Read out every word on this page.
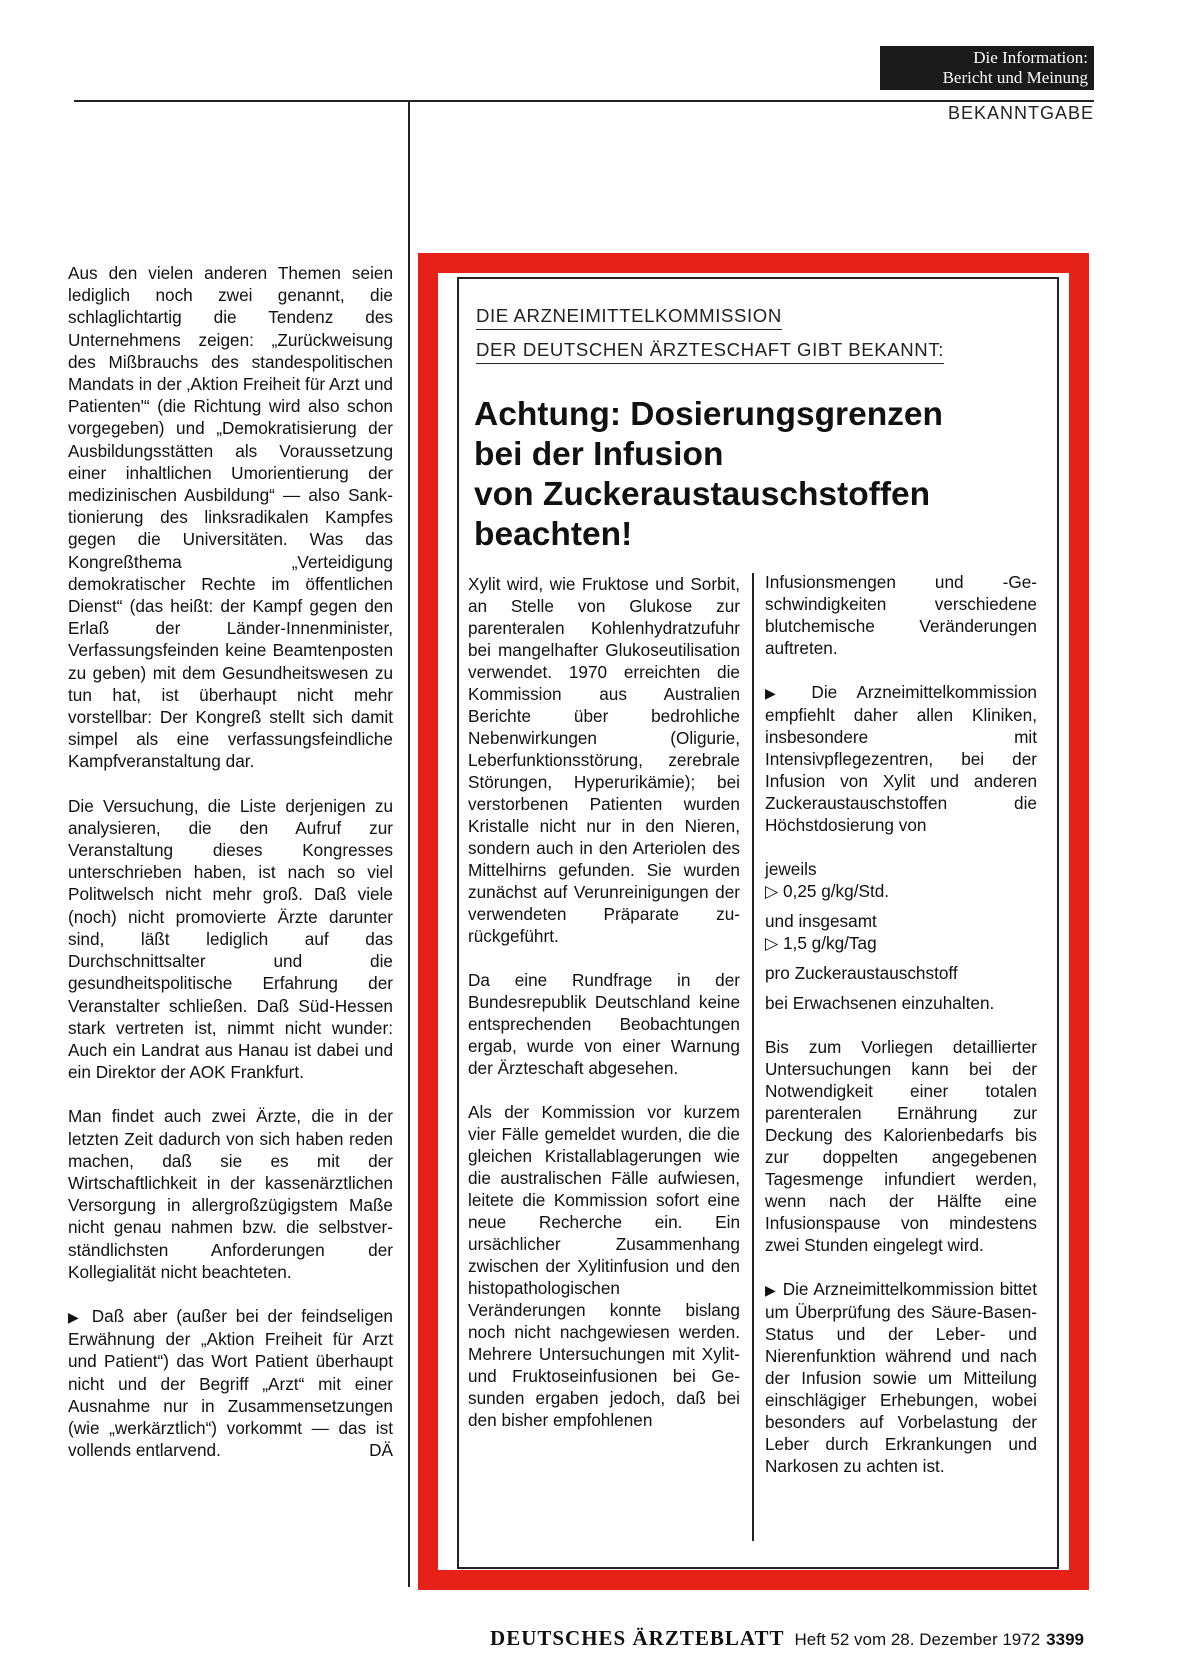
Die Information:
Bericht und Meinung
BEKANNTGABE

Aus den vielen anderen Themen seien lediglich noch zwei genannt, die schlaglichtartig die Tendenz des Unternehmens zeigen: „Zurückweisung des Mißbrauchs des standespolitischen Mandats in der ‚Aktion Freiheit für Arzt und Patienten'“ (die Richtung wird also schon vorgegeben) und „Demokratisierung der Ausbildungsstätten als Voraussetzung einer inhaltlichen Umorientierung der medizinischen Ausbildung“ — also Sanktionierung des linksradikalen Kampfes gegen die Universitäten. Was das Kongreßthema „Verteidigung demokratischer Rechte im öffentlichen Dienst“ (das heißt: der Kampf gegen den Erlaß der Länder-Innenminister, Verfassungsfeinden keine Beamtenposten zu geben) mit dem Gesundheitswesen zu tun hat, ist überhaupt nicht mehr vorstellbar: Der Kongreß stellt sich damit simpel als eine verfassungsfeindliche Kampfveranstaltung dar.

Die Versuchung, die Liste derjenigen zu analysieren, die den Aufruf zur Veranstaltung dieses Kongresses unterschrieben haben, ist nach so viel Politwelsch nicht mehr groß. Daß viele (noch) nicht promovierte Ärzte darunter sind, läßt lediglich auf das Durchschnittsalter und die gesundheitspolitische Erfahrung der Veranstalter schließen. Daß Süd-Hessen stark vertreten ist, nimmt nicht wunder: Auch ein Landrat aus Hanau ist dabei und ein Direktor der AOK Frankfurt.

Man findet auch zwei Ärzte, die in der letzten Zeit dadurch von sich haben reden machen, daß sie es mit der Wirtschaftlichkeit in der kassenärztlichen Versorgung in allergroßzügigstem Maße nicht genau nahmen bzw. die selbstverständlichsten Anforderungen der Kollegialität nicht beachteten.

▶ Daß aber (außer bei der feindseligen Erwähnung der „Aktion Freiheit für Arzt und Patient“) das Wort Patient überhaupt nicht und der Begriff „Arzt“ mit einer Ausnahme nur in Zusammensetzungen (wie „werkärztlich“) vorkommt — das ist vollends entlarvend.	DÄ

DIE ARZNEIMITTELKOMMISSION
DER DEUTSCHEN ÄRZTESCHAFT GIBT BEKANNT:
Achtung: Dosierungsgrenzen
bei der Infusion
von Zuckeraustauschstoffen
beachten!

Xylit wird, wie Fruktose und Sorbit, an Stelle von Glukose zur parenteralen Kohlenhydratzufuhr bei mangelhafter Glukoseutilisation verwendet. 1970 erreichten die Kommission aus Australien Berichte über bedrohliche Nebenwirkungen (Oligurie, Leberfunktionsstörung, zerebrale Störungen, Hyperurikämie); bei verstorbenen Patienten wurden Kristalle nicht nur in den Nieren, sondern auch in den Arteriolen des Mittelhirns gefunden. Sie wurden zunächst auf Verunreinigungen der verwendeten Präparate zurückgeführt.

Da eine Rundfrage in der Bundesrepublik Deutschland keine entsprechenden Beobachtungen ergab, wurde von einer Warnung der Ärzteschaft abgesehen.

Als der Kommission vor kurzem vier Fälle gemeldet wurden, die die gleichen Kristallablagerungen wie die australischen Fälle aufwiesen, leitete die Kommission sofort eine neue Recherche ein. Ein ursächlicher Zusammenhang zwischen der Xylitinfusion und den histopathologischen Veränderungen konnte bislang noch nicht nachgewiesen werden. Mehrere Untersuchungen mit Xylit- und Fruktoseinfusionen bei Gesunden ergaben jedoch, daß bei den bisher empfohlenen

Infusionsmengen und -Geschwindigkeiten verschiedene blutchemische Veränderungen auftreten.

▶ Die Arzneimittelkommission empfiehlt daher allen Kliniken, insbesondere mit Intensivpflegezentren, bei der Infusion von Xylit und anderen Zuckeraustauschstoffen die Höchstdosierung von

jeweils
▷ 0,25 g/kg/Std.

und insgesamt
▷ 1,5 g/kg/Tag

pro Zuckeraustauschstoff

bei Erwachsenen einzuhalten.

Bis zum Vorliegen detaillierter Untersuchungen kann bei der Notwendigkeit einer totalen parenteralen Ernährung zur Deckung des Kalorienbedarfs bis zur doppelten angegebenen Tagesmenge infundiert werden, wenn nach der Hälfte eine Infusionspause von mindestens zwei Stunden eingelegt wird.

▶ Die Arzneimittelkommission bittet um Überprüfung des Säure-Basen-Status und der Leber- und Nierenfunktion während und nach der Infusion sowie um Mitteilung einschlägiger Erhebungen, wobei besonders auf Vorbelastung der Leber durch Erkrankungen und Narkosen zu achten ist.

DEUTSCHES ÄRZTEBLATT Heft 52 vom 28. Dezember 1972 3399
